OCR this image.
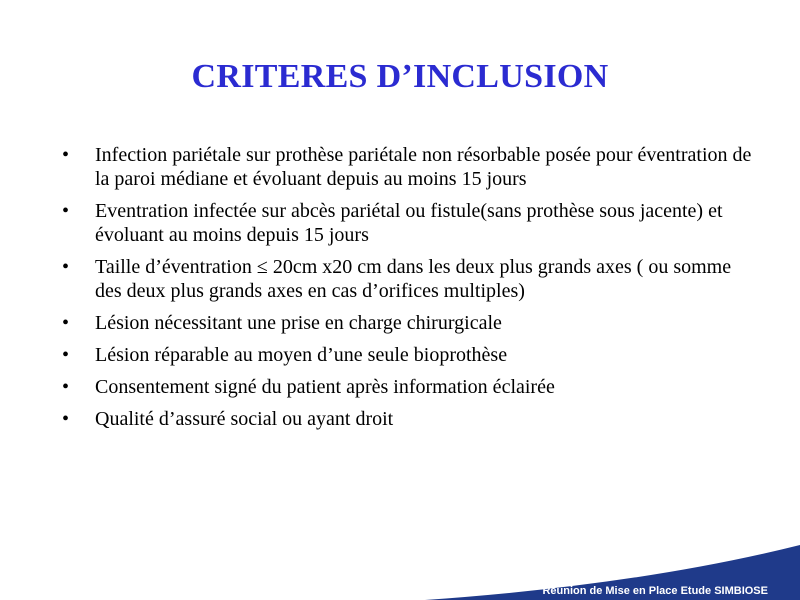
CRITERES D’INCLUSION
• Infection pariétale sur prothèse pariétale non résorbable posée pour éventration de la paroi médiane et évoluant depuis au moins 15 jours
• Eventration infectée sur abcès pariétal ou fistule(sans prothèse sous jacente) et évoluant au moins depuis 15 jours
• Taille d’éventration ≤ 20cm x20 cm dans les deux plus grands axes ( ou somme des deux plus grands axes en cas d’orifices multiples)
• Lésion nécessitant une prise en charge chirurgicale
• Lésion réparable au moyen d’une seule bioprothèse
• Consentement signé du patient après information éclairée
• Qualité d’assuré social ou ayant droit
Réunion de Mise en Place Etude SIMBIOSE
